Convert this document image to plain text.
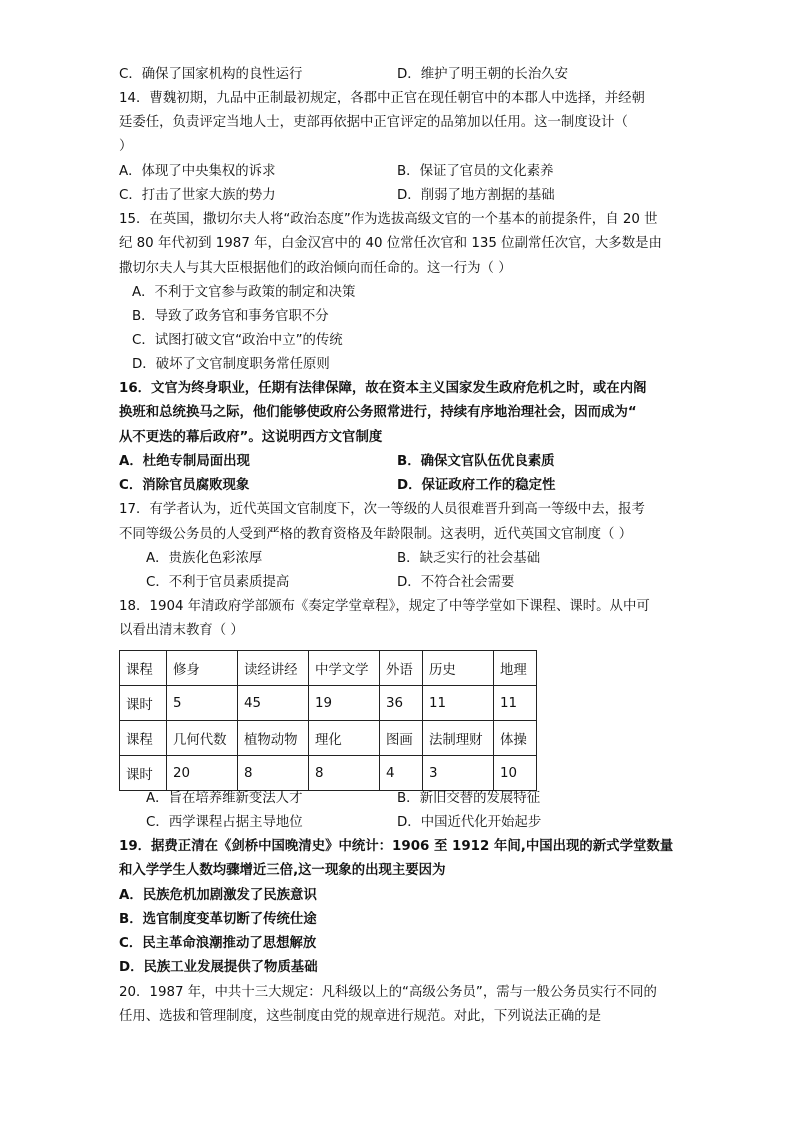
C．确保了国家机构的良性运行	D．维护了明王朝的长治久安
14．曹魏初期，九品中正制最初规定，各郡中正官在现任朝官中的本郡人中选择，并经朝
廷委任，负责评定当地人士，吏部再依据中正官评定的品第加以任用。这一制度设计（
）
A．体现了中央集权的诉求	B．保证了官员的文化素养
C．打击了世家大族的势力	D．削弱了地方割据的基础
15．在英国，撒切尔夫人将“政治态度”作为选拔高级文官的一个基本的前提条件，自 20 世
纪 80 年代初到 1987 年，白金汉宫中的 40 位常任次官和 135 位副常任次官，大多数是由
撒切尔夫人与其大臣根据他们的政治倾向而任命的。这一行为（ ）
A．不利于文官参与政策的制定和决策
B．导致了政务官和事务官职不分
C．试图打破文官“政治中立”的传统
D．破坏了文官制度职务常任原则
16．文官为终身职业，任期有法律保障，故在资本主义国家发生政府危机之时，或在内阁
换班和总统换马之际，他们能够使政府公务照常进行，持续有序地治理社会，因而成为“
从不更迭的幕后政府”。这说明西方文官制度
A．杜绝专制局面出现	B．确保文官队伍优良素质
C．消除官员腐败现象	D．保证政府工作的稳定性
17．有学者认为，近代英国文官制度下，次一等级的人员很难晋升到高一等级中去，报考
不同等级公务员的人受到严格的教育资格及年龄限制。这表明，近代英国文官制度（ ）
A．贵族化色彩浓厚	B．缺乏实行的社会基础
C．不利于官员素质提高	D．不符合社会需要
18．1904 年清政府学部颁布《奏定学堂章程》，规定了中等学堂如下课程、课时。从中可
以看出清末教育（ ）
课程	修身	读经讲经	中学文学	外语	历史	地理
课时	5	45	19	36	11	11
课程	几何代数	植物动物	理化	图画	法制理财	体操
课时	20	8	8	4	3	10
A．旨在培养维新变法人才	B．新旧交替的发展特征
C．西学课程占据主导地位	D．中国近代化开始起步
19．据费正清在《剑桥中国晚清史》中统计：1906 至 1912 年间,中国出现的新式学堂数量
和入学学生人数均骤增近三倍,这一现象的出现主要因为
A．民族危机加剧激发了民族意识
B．选官制度变革切断了传统仕途
C．民主革命浪潮推动了思想解放
D．民族工业发展提供了物质基础
20．1987 年，中共十三大规定：凡科级以上的“高级公务员”，需与一般公务员实行不同的
任用、选拔和管理制度，这些制度由党的规章进行规范。对此，下列说法正确的是
